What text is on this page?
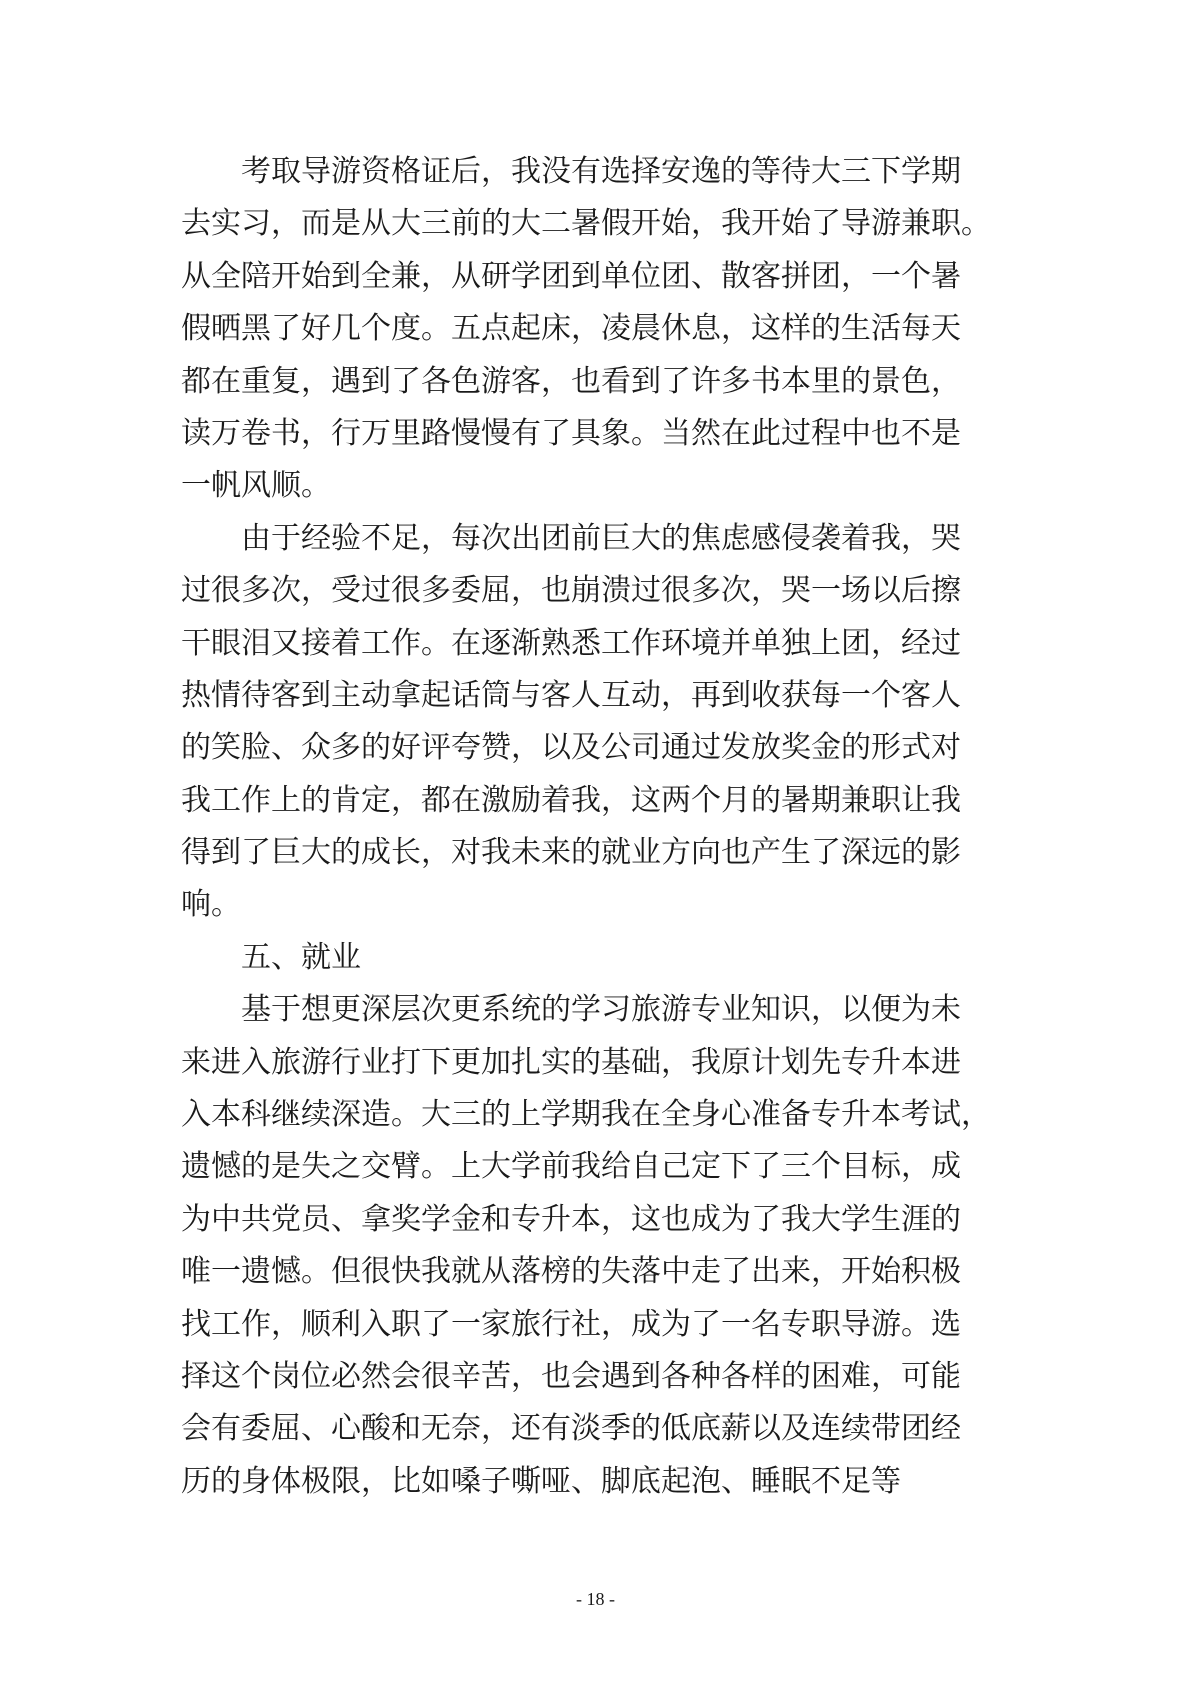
考取导游资格证后，我没有选择安逸的等待大三下学期
去实习，而是从大三前的大二暑假开始，我开始了导游兼职。
从全陪开始到全兼，从研学团到单位团、散客拼团，一个暑
假晒黑了好几个度。五点起床，凌晨休息，这样的生活每天
都在重复，遇到了各色游客，也看到了许多书本里的景色，
读万卷书，行万里路慢慢有了具象。当然在此过程中也不是
一帆风顺。
由于经验不足，每次出团前巨大的焦虑感侵袭着我，哭
过很多次，受过很多委屈，也崩溃过很多次，哭一场以后擦
干眼泪又接着工作。在逐渐熟悉工作环境并单独上团，经过
热情待客到主动拿起话筒与客人互动，再到收获每一个客人
的笑脸、众多的好评夸赞，以及公司通过发放奖金的形式对
我工作上的肯定，都在激励着我，这两个月的暑期兼职让我
得到了巨大的成长，对我未来的就业方向也产生了深远的影
响。
五、就业
基于想更深层次更系统的学习旅游专业知识，以便为未
来进入旅游行业打下更加扎实的基础，我原计划先专升本进
入本科继续深造。大三的上学期我在全身心准备专升本考试，
遗憾的是失之交臂。上大学前我给自己定下了三个目标，成
为中共党员、拿奖学金和专升本，这也成为了我大学生涯的
唯一遗憾。但很快我就从落榜的失落中走了出来，开始积极
找工作，顺利入职了一家旅行社，成为了一名专职导游。选
择这个岗位必然会很辛苦，也会遇到各种各样的困难，可能
会有委屈、心酸和无奈，还有淡季的低底薪以及连续带团经
历的身体极限，比如嗓子嘶哑、脚底起泡、睡眠不足等
- 18 -
